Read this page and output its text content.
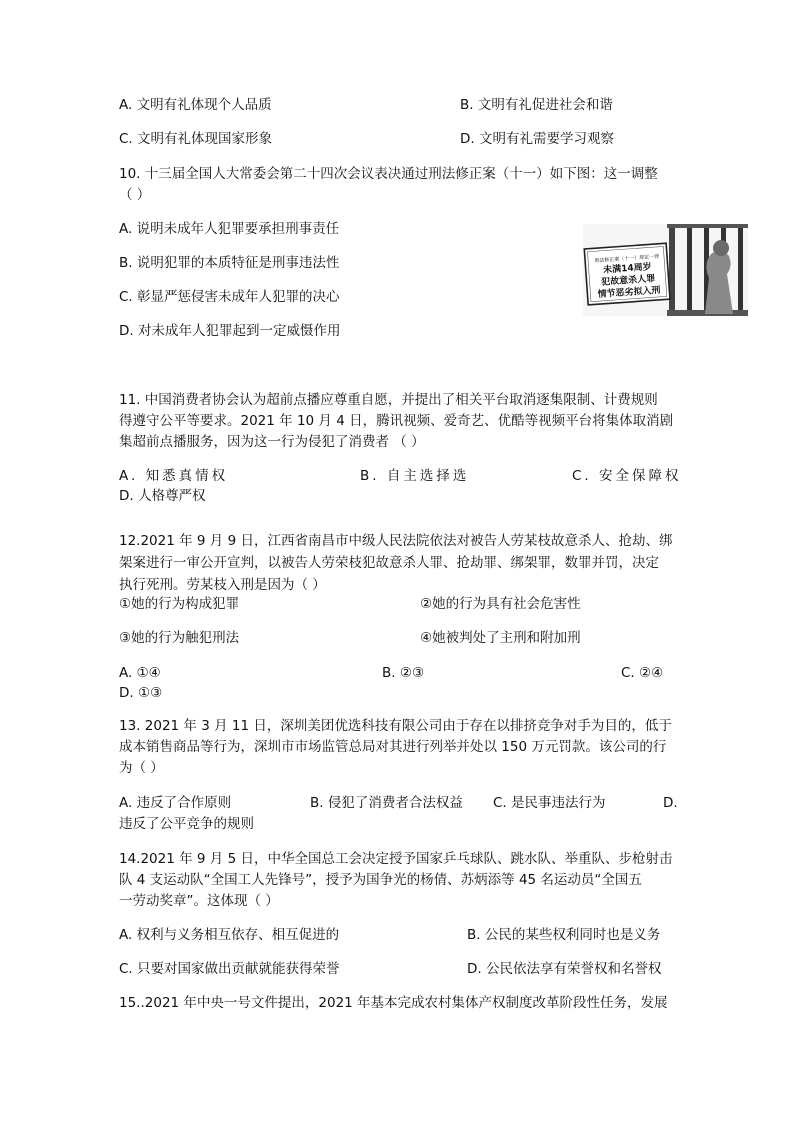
A. 文明有礼体现个人品质	B. 文明有礼促进社会和谐
C. 文明有礼体现国家形象	D. 文明有礼需要学习观察
10. 十三届全国人大常委会第二十四次会议表决通过刑法修正案（十一）如下图：这一调整
（ ）
A. 说明未成年人犯罪要承担刑事责任
B. 说明犯罪的本质特征是刑事违法性
C. 彰显严惩侵害未成年人犯罪的决心
D. 对未成年人犯罪起到一定威慑作用
刑法修正案（十一）规定一律
未满14周岁
犯故意杀人罪
情节恶劣拟入刑
11. 中国消费者协会认为超前点播应尊重自愿，并提出了相关平台取消逐集限制、计费规则
得遵守公平等要求。2021 年 10 月 4 日，腾讯视频、爱奇艺、优酷等视频平台将集体取消剧
集超前点播服务，因为这一行为侵犯了消费者 （ ）
A. 知悉真情权	B. 自主选择选	C. 安全保障权
D. 人格尊严权
12.2021 年 9 月 9 日，江西省南昌市中级人民法院依法对被告人劳某枝故意杀人、抢劫、绑
架案进行一审公开宣判，以被告人劳荣枝犯故意杀人罪、抢劫罪、绑架罪，数罪并罚，决定
执行死刑。劳某枝入刑是因为（ ）
①她的行为构成犯罪	②她的行为具有社会危害性
③她的行为触犯刑法	④她被判处了主刑和附加刑
A. ①④	B. ②③	C. ②④
D. ①③
13. 2021 年 3 月 11 日，深圳美团优选科技有限公司由于存在以排挤竞争对手为目的，低于
成本销售商品等行为，深圳市市场监管总局对其进行列举并处以 150 万元罚款。该公司的行
为（ ）
A. 违反了合作原则	B. 侵犯了消费者合法权益 C. 是民事违法行为	D.
违反了公平竞争的规则
14.2021 年 9 月 5 日，中华全国总工会决定授予国家乒乓球队、跳水队、举重队、步枪射击
队 4 支运动队“全国工人先锋号”，授予为国争光的杨倩、苏炳添等 45 名运动员“全国五
一劳动奖章”。这体现（ ）
A. 权利与义务相互依存、相互促进的	B. 公民的某些权利同时也是义务
C. 只要对国家做出贡献就能获得荣誉	D. 公民依法享有荣誉权和名誉权
15..2021 年中央一号文件提出，2021 年基本完成农村集体产权制度改革阶段性任务，发展
